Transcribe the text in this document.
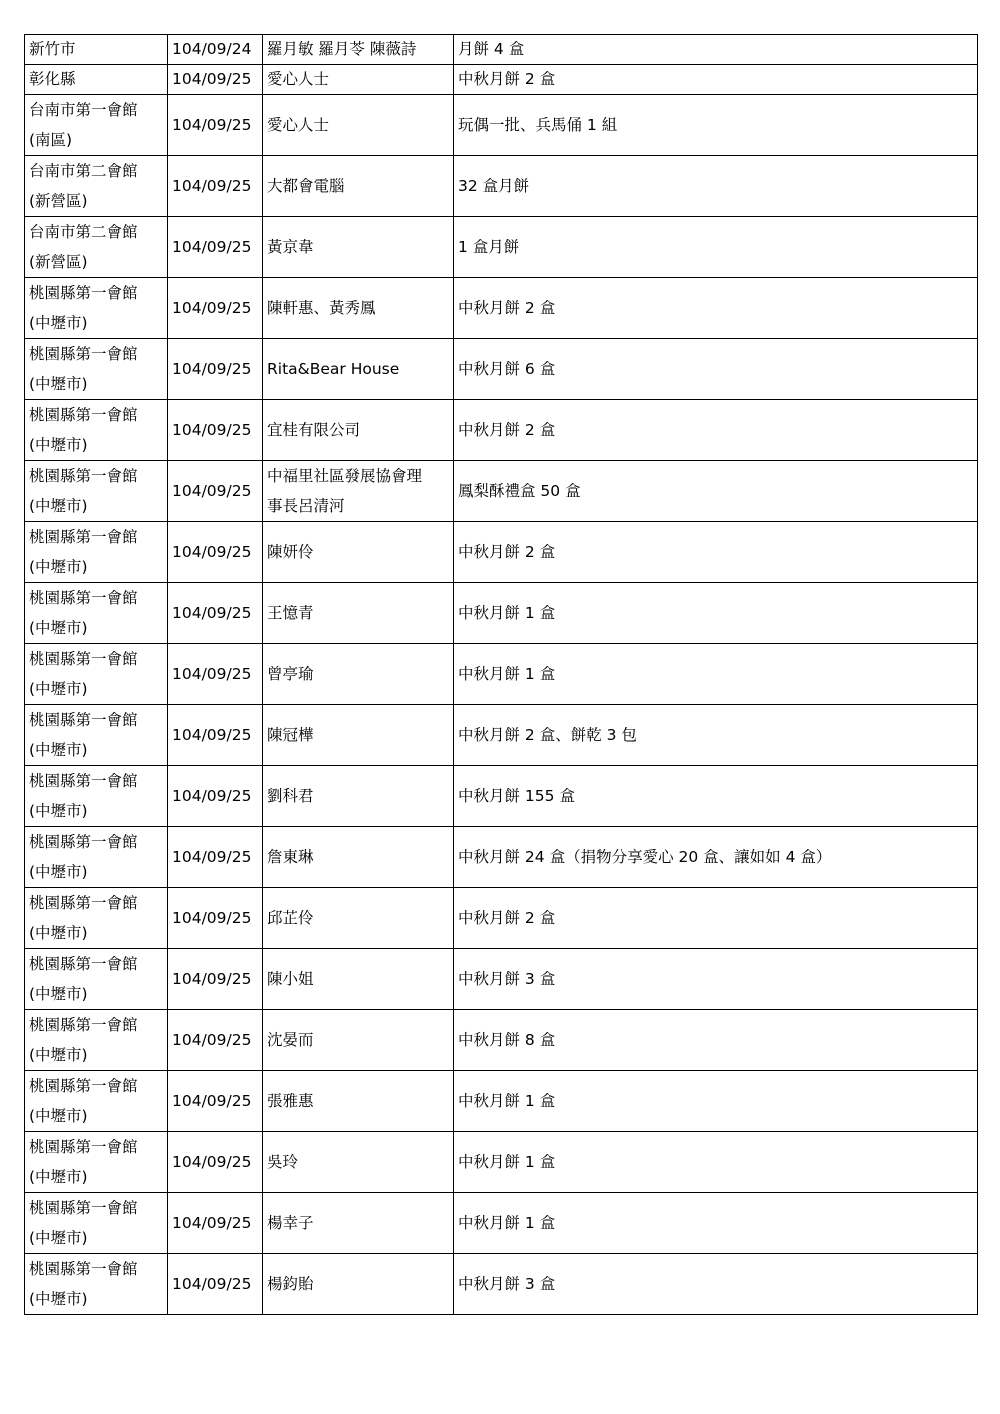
新竹市	104/09/24	羅月敏 羅月苓 陳薇詩	月餅 4 盒
彰化縣	104/09/25	愛心人士	中秋月餅 2 盒
台南市第一會館
(南區)	104/09/25	愛心人士	玩偶一批、兵馬俑 1 組
台南市第二會館
(新營區)	104/09/25	大都會電腦	32 盒月餅
台南市第二會館
(新營區)	104/09/25	黃京韋	1 盒月餅
桃園縣第一會館
(中壢市)	104/09/25	陳軒惠、黃秀鳳	中秋月餅 2 盒
桃園縣第一會館
(中壢市)	104/09/25	Rita&Bear House	中秋月餅 6 盒
桃園縣第一會館
(中壢市)	104/09/25	宜桂有限公司	中秋月餅 2 盒
桃園縣第一會館
(中壢市)	104/09/25	中福里社區發展協會理
事長呂清河	鳳梨酥禮盒 50 盒
桃園縣第一會館
(中壢市)	104/09/25	陳妍伶	中秋月餅 2 盒
桃園縣第一會館
(中壢市)	104/09/25	王憶青	中秋月餅 1 盒
桃園縣第一會館
(中壢市)	104/09/25	曾亭瑜	中秋月餅 1 盒
桃園縣第一會館
(中壢市)	104/09/25	陳冠樺	中秋月餅 2 盒、餅乾 3 包
桃園縣第一會館
(中壢市)	104/09/25	劉科君	中秋月餅 155 盒
桃園縣第一會館
(中壢市)	104/09/25	詹東琳	中秋月餅 24 盒（捐物分享愛心 20 盒、讓如如 4 盒）
桃園縣第一會館
(中壢市)	104/09/25	邱芷伶	中秋月餅 2 盒
桃園縣第一會館
(中壢市)	104/09/25	陳小姐	中秋月餅 3 盒
桃園縣第一會館
(中壢市)	104/09/25	沈晏而	中秋月餅 8 盒
桃園縣第一會館
(中壢市)	104/09/25	張雅惠	中秋月餅 1 盒
桃園縣第一會館
(中壢市)	104/09/25	吳玲	中秋月餅 1 盒
桃園縣第一會館
(中壢市)	104/09/25	楊幸子	中秋月餅 1 盒
桃園縣第一會館
(中壢市)	104/09/25	楊鈞貽	中秋月餅 3 盒
